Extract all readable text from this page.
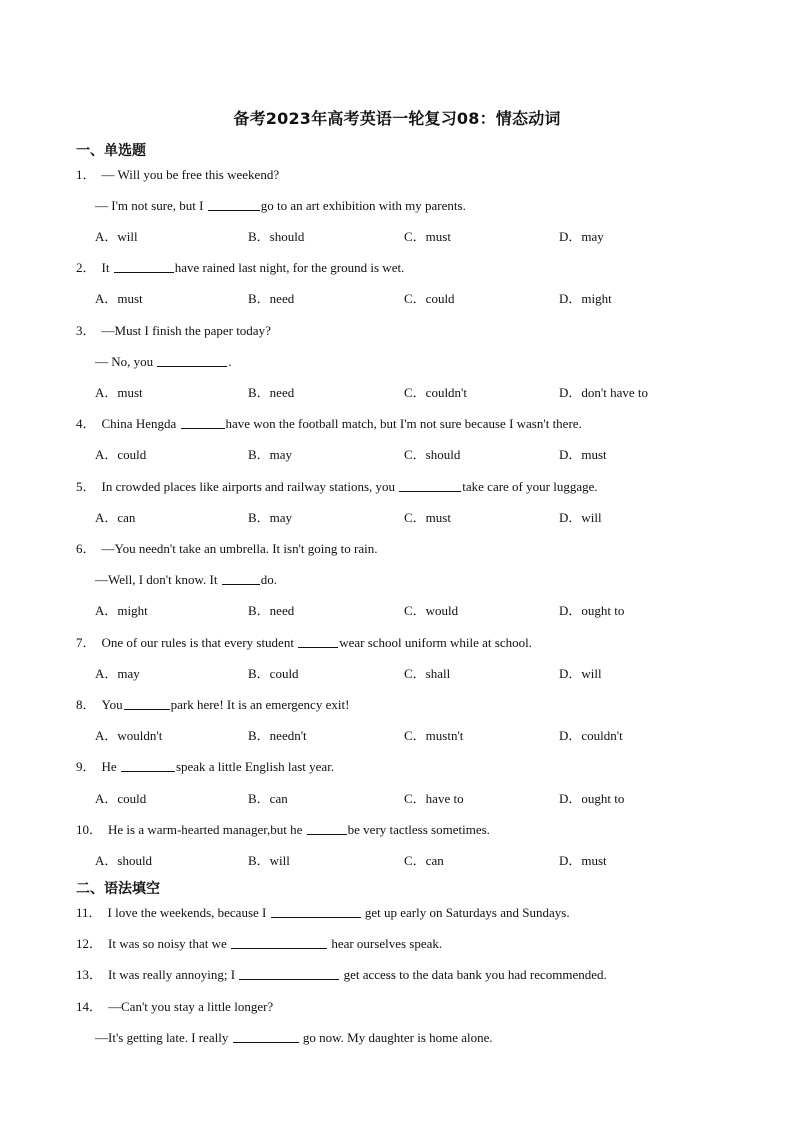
备考2023年高考英语一轮复习08：情态动词
一、单选题
1． — Will you be free this weekend?
— I'm not sure, but I	go to an art exhibition with my parents.
A．will	B．should	C．must	D．may
2． It	have rained last night, for the ground is wet.
A．must	B．need	C．could	D．might
3． —Must I finish the paper today?
— No, you	.
A．must	B．need	C．couldn't	D．don't have to
4． China Hengda	have won the football match, but I'm not sure because I wasn't there.
A．could	B．may	C．should	D．must
5． In crowded places like airports and railway stations, you	take care of your luggage.
A．can	B．may	C．must	D．will
6． —You needn't take an umbrella. It isn't going to rain.
—Well, I don't know. It	do.
A．might	B．need	C．would	D．ought to
7． One of our rules is that every student	wear school uniform while at school.
A．may	B．could	C．shall	D．will
8． You	park here! It is an emergency exit!
A．wouldn't	B．needn't	C．mustn't	D．couldn't
9． He	speak a little English last year.
A．could	B．can	C．have to	D．ought to
10． He is a warm-hearted manager,but he	be very tactless sometimes.
A．should	B．will	C．can	D．must
二、语法填空
11． I love the weekends, because I	get up early on Saturdays and Sundays.
12． It was so noisy that we	hear ourselves speak.
13． It was really annoying; I	get access to the data bank you had recommended.
14． —Can't you stay a little longer?
—It's getting late. I really	go now. My daughter is home alone.
